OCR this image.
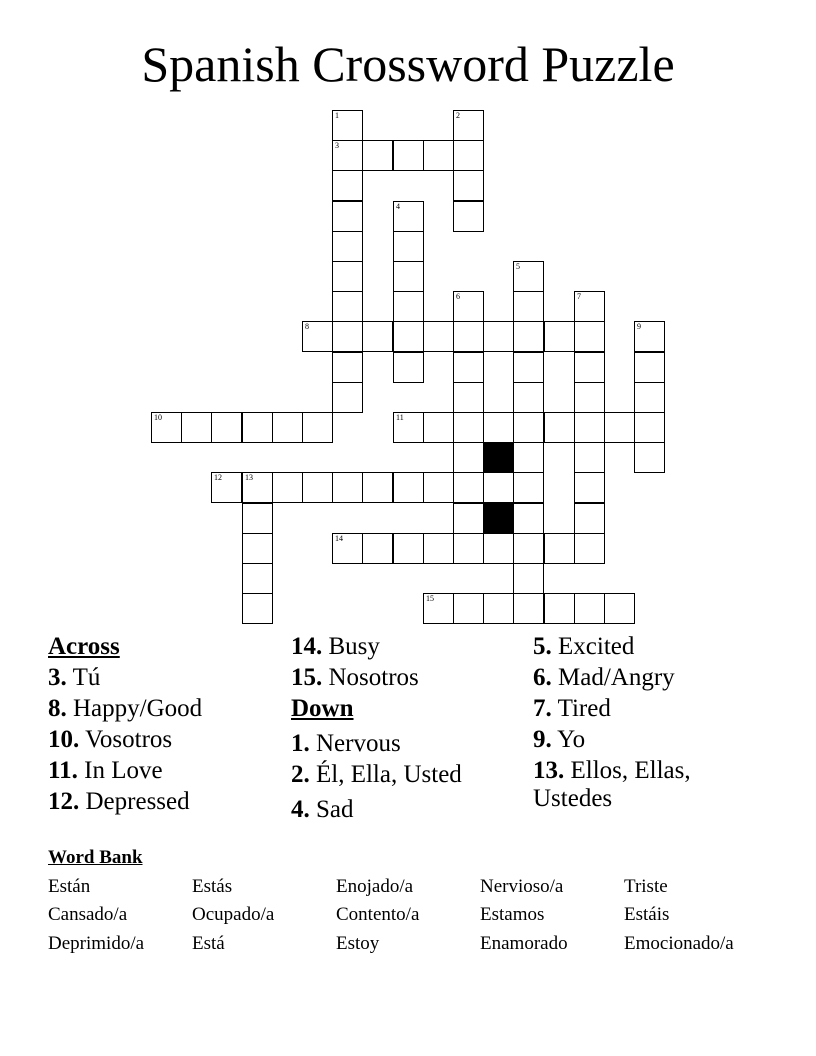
Spanish Crossword Puzzle
1
3
2
4
5
6	7
8	9
10	11
12	13
14
15
Across
3. Tú
8. Happy/Good
10. Vosotros
11. In Love
12. Depressed
14. Busy
15. Nosotros
Down
1. Nervous
2. Él, Ella, Usted
4. Sad
5. Excited
6. Mad/Angry
7. Tired
9. Yo
13. Ellos, Ellas, Ustedes
Word Bank
Están	Estás	Enojado/a	Nervioso/a	Triste
Cansado/a	Ocupado/a	Contento/a	Estamos	Estáis
Deprimido/a	Está	Estoy	Enamorado	Emocionado/a
